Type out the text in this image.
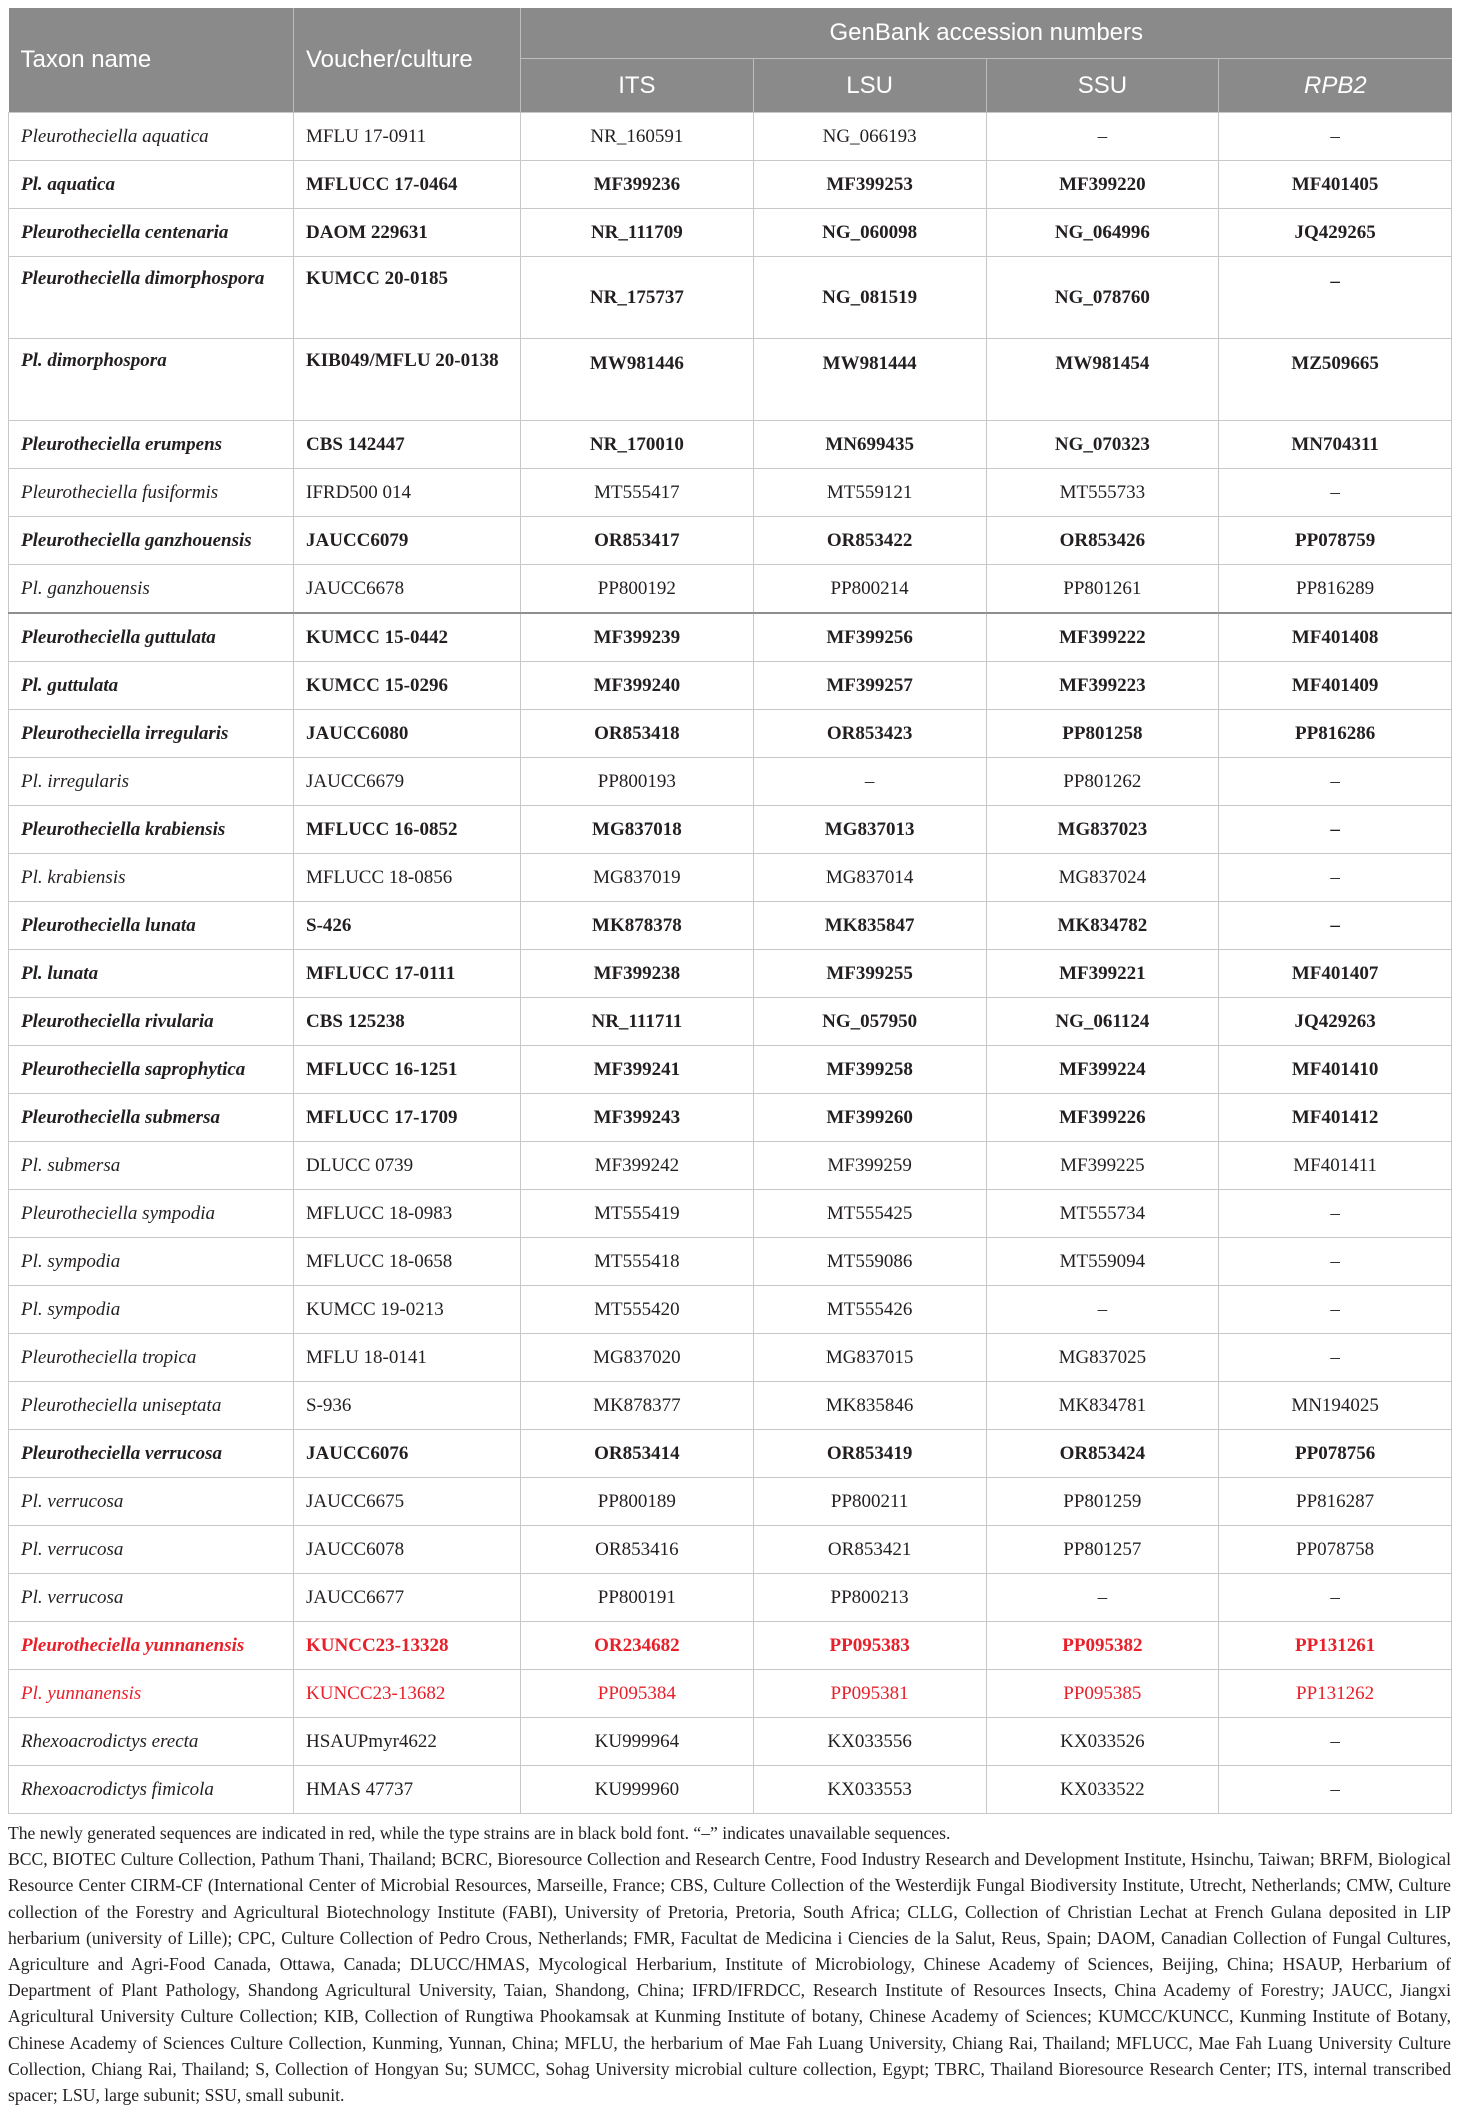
Taxon name	Voucher/culture	GenBank accession numbers			
		ITS	LSU	SSU	RPB2
Pleurotheciella aquatica	MFLU 17-0911	NR_160591	NG_066193	–	–
Pl. aquatica	MFLUCC 17-0464	MF399236	MF399253	MF399220	MF401405
Pleurotheciella centenaria	DAOM 229631	NR_111709	NG_060098	NG_064996	JQ429265
Pleurotheciella dimorphospora	KUMCC 20-0185	NR_175737	NG_081519	NG_078760	–
Pl. dimorphospora	KIB049/MFLU 20-0138	MW981446	MW981444	MW981454	MZ509665
Pleurotheciella erumpens	CBS 142447	NR_170010	MN699435	NG_070323	MN704311
Pleurotheciella fusiformis	IFRD500 014	MT555417	MT559121	MT555733	–
Pleurotheciella ganzhouensis	JAUCC6079	OR853417	OR853422	OR853426	PP078759
Pl. ganzhouensis	JAUCC6678	PP800192	PP800214	PP801261	PP816289
Pleurotheciella guttulata	KUMCC 15-0442	MF399239	MF399256	MF399222	MF401408
Pl. guttulata	KUMCC 15-0296	MF399240	MF399257	MF399223	MF401409
Pleurotheciella irregularis	JAUCC6080	OR853418	OR853423	PP801258	PP816286
Pl. irregularis	JAUCC6679	PP800193	–	PP801262	–
Pleurotheciella krabiensis	MFLUCC 16-0852	MG837018	MG837013	MG837023	–
Pl. krabiensis	MFLUCC 18-0856	MG837019	MG837014	MG837024	–
Pleurotheciella lunata	S-426	MK878378	MK835847	MK834782	–
Pl. lunata	MFLUCC 17-0111	MF399238	MF399255	MF399221	MF401407
Pleurotheciella rivularia	CBS 125238	NR_111711	NG_057950	NG_061124	JQ429263
Pleurotheciella saprophytica	MFLUCC 16-1251	MF399241	MF399258	MF399224	MF401410
Pleurotheciella submersa	MFLUCC 17-1709	MF399243	MF399260	MF399226	MF401412
Pl. submersa	DLUCC 0739	MF399242	MF399259	MF399225	MF401411
Pleurotheciella sympodia	MFLUCC 18-0983	MT555419	MT555425	MT555734	–
Pl. sympodia	MFLUCC 18-0658	MT555418	MT559086	MT559094	–
Pl. sympodia	KUMCC 19-0213	MT555420	MT555426	–	–
Pleurotheciella tropica	MFLU 18-0141	MG837020	MG837015	MG837025	–
Pleurotheciella uniseptata	S-936	MK878377	MK835846	MK834781	MN194025
Pleurotheciella verrucosa	JAUCC6076	OR853414	OR853419	OR853424	PP078756
Pl. verrucosa	JAUCC6675	PP800189	PP800211	PP801259	PP816287
Pl. verrucosa	JAUCC6078	OR853416	OR853421	PP801257	PP078758
Pl. verrucosa	JAUCC6677	PP800191	PP800213	–	–
Pleurotheciella yunnanensis	KUNCC23-13328	OR234682	PP095383	PP095382	PP131261
Pl. yunnanensis	KUNCC23-13682	PP095384	PP095381	PP095385	PP131262
Rhexoacrodictys erecta	HSAUPmyr4622	KU999964	KX033556	KX033526	–
Rhexoacrodictys fimicola	HMAS 47737	KU999960	KX033553	KX033522	–

The newly generated sequences are indicated in red, while the type strains are in black bold font. “–” indicates unavailable sequences.

BCC, BIOTEC Culture Collection, Pathum Thani, Thailand; BCRC, Bioresource Collection and Research Centre, Food Industry Research and Development Institute, Hsinchu, Taiwan; BRFM, Biological Resource Center CIRM-CF (International Center of Microbial Resources, Marseille, France; CBS, Culture Collection of the Westerdijk Fungal Biodiversity Institute, Utrecht, Netherlands; CMW, Culture collection of the Forestry and Agricultural Biotechnology Institute (FABI), University of Pretoria, Pretoria, South Africa; CLLG, Collection of Christian Lechat at French Gulana deposited in LIP herbarium (university of Lille); CPC, Culture Collection of Pedro Crous, Netherlands; FMR, Facultat de Medicina i Ciencies de la Salut, Reus, Spain; DAOM, Canadian Collection of Fungal Cultures, Agriculture and Agri-Food Canada, Ottawa, Canada; DLUCC/HMAS, Mycological Herbarium, Institute of Microbiology, Chinese Academy of Sciences, Beijing, China; HSAUP, Herbarium of Department of Plant Pathology, Shandong Agricultural University, Taian, Shandong, China; IFRD/IFRDCC, Research Institute of Resources Insects, China Academy of Forestry; JAUCC, Jiangxi Agricultural University Culture Collection; KIB, Collection of Rungtiwa Phookamsak at Kunming Institute of botany, Chinese Academy of Sciences; KUMCC/KUNCC, Kunming Institute of Botany, Chinese Academy of Sciences Culture Collection, Kunming, Yunnan, China; MFLU, the herbarium of Mae Fah Luang University, Chiang Rai, Thailand; MFLUCC, Mae Fah Luang University Culture Collection, Chiang Rai, Thailand; S, Collection of Hongyan Su; SUMCC, Sohag University microbial culture collection, Egypt; TBRC, Thailand Bioresource Research Center; ITS, internal transcribed spacer; LSU, large subunit; SSU, small subunit.
